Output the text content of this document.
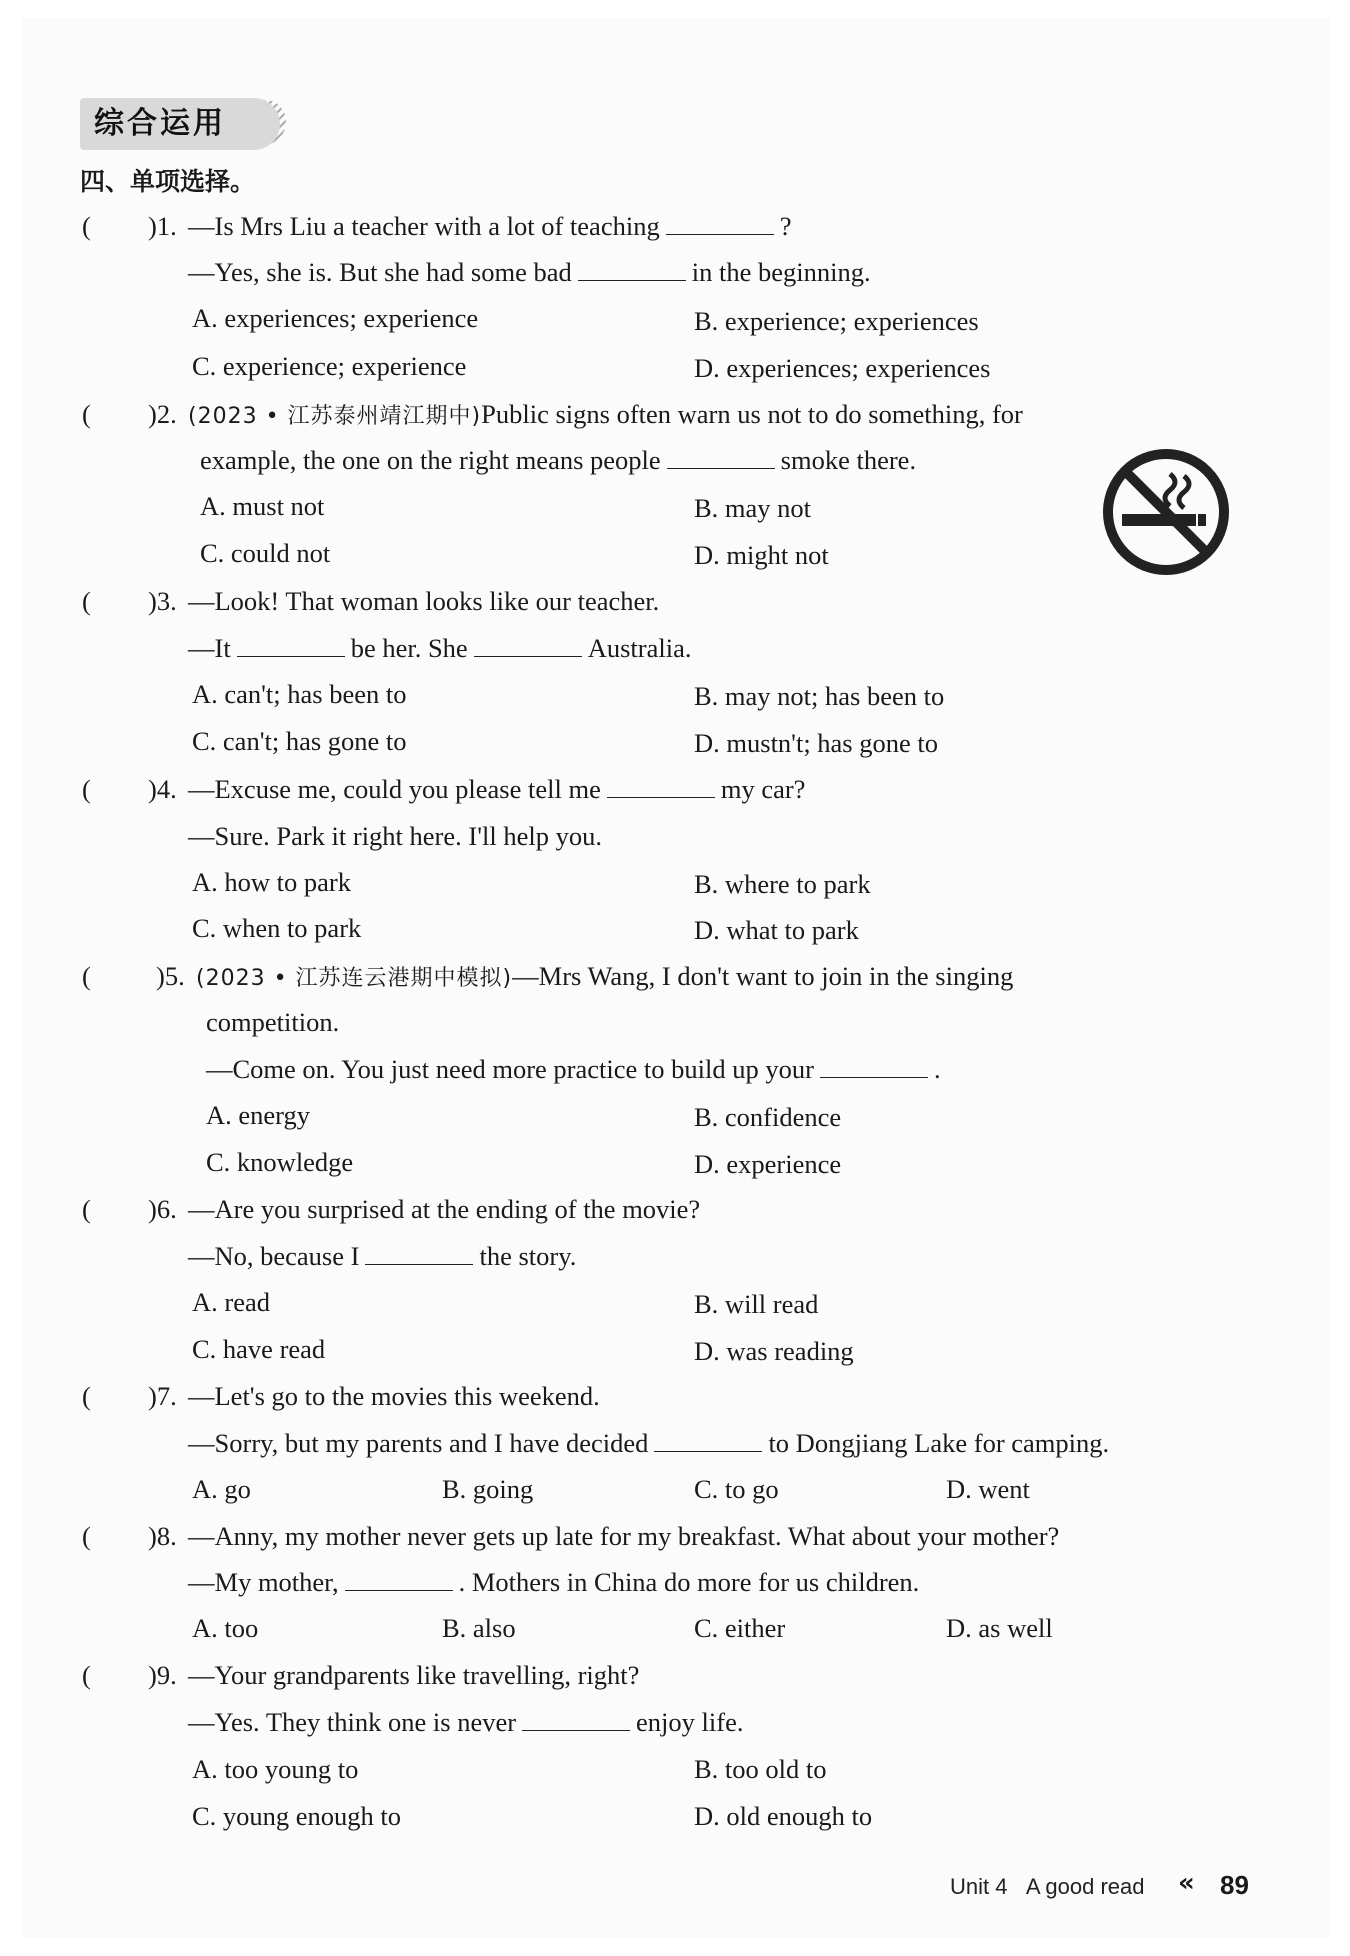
综合运用
四、单项选择。
( )1. —Is Mrs Liu a teacher with a lot of teaching	?
—Yes, she is. But she had some bad	in the beginning.
A. experiences; experience	B. experience; experiences
C. experience; experience	D. experiences; experiences
( )2. (2023 • 江苏泰州靖江期中)Public signs often warn us not to do something, for
example, the one on the right means people	smoke there.
A. must not	B. may not
C. could not	D. might not
( )3. —Look! That woman looks like our teacher.
—It	be her. She	Australia.
A. can't; has been to	B. may not; has been to
C. can't; has gone to	D. mustn't; has gone to
( )4. —Excuse me, could you please tell me	my car?
—Sure. Park it right here. I'll help you.
A. how to park	B. where to park
C. when to park	D. what to park
( )5. (2023 • 江苏连云港期中模拟)—Mrs Wang, I don't want to join in the singing
competition.
—Come on. You just need more practice to build up your	.
A. energy	B. confidence
C. knowledge	D. experience
( )6. —Are you surprised at the ending of the movie?
—No, because I	the story.
A. read	B. will read
C. have read	D. was reading
( )7. —Let's go to the movies this weekend.
—Sorry, but my parents and I have decided	to Dongjiang Lake for camping.
A. go	B. going	C. to go	D. went
( )8. —Anny, my mother never gets up late for my breakfast. What about your mother?
—My mother,	. Mothers in China do more for us children.
A. too	B. also	C. either	D. as well
( )9. —Your grandparents like travelling, right?
—Yes. They think one is never	enjoy life.
A. too young to	B. too old to
C. young enough to	D. old enough to
Unit 4 A good read « 89
